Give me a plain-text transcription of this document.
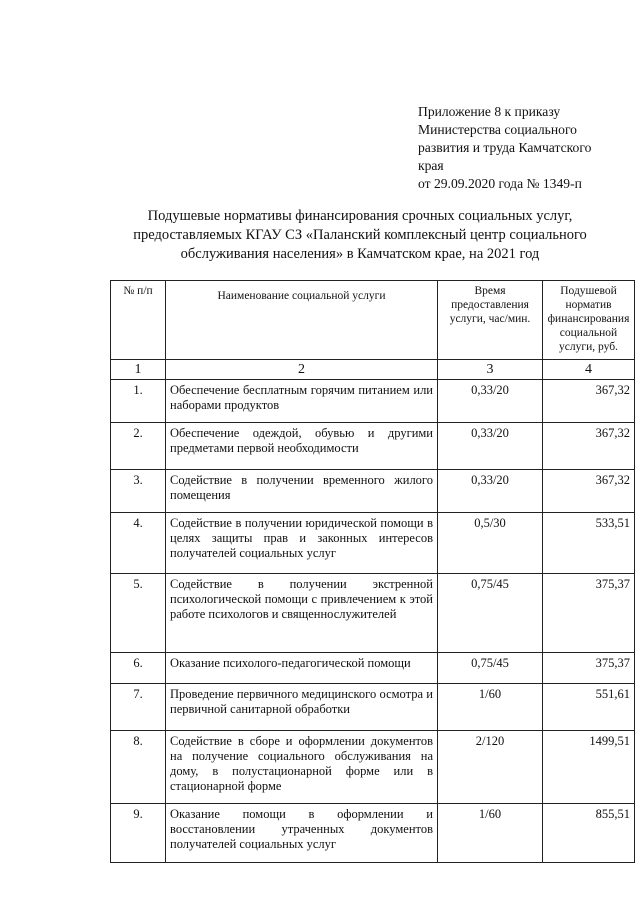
Приложение 8 к приказу
Министерства социального
развития и труда Камчатского
края
от 29.09.2020 года № 1349-п
Подушевые нормативы финансирования срочных социальных услуг,
предоставляемых КГАУ СЗ «Паланский комплексный центр социального
обслуживания населения» в Камчатском крае, на 2021 год
№ п/п	Наименование социальной услуги	Время предоставления услуги, час/мин.	Подушевой норматив финансирования социальной услуги, руб.
1	2	3	4
1.	Обеспечение бесплатным горячим питанием или наборами продуктов	0,33/20	367,32
2.	Обеспечение одеждой, обувью и другими предметами первой необходимости	0,33/20	367,32
3.	Содействие в получении временного жилого помещения	0,33/20	367,32
4.	Содействие в получении юридической помощи в целях защиты прав и законных интересов получателей социальных услуг	0,5/30	533,51
5.	Содействие в получении экстренной психологической помощи с привлечением к этой работе психологов и священнослужителей	0,75/45	375,37
6.	Оказание психолого-педагогической помощи	0,75/45	375,37
7.	Проведение первичного медицинского осмотра и первичной санитарной обработки	1/60	551,61
8.	Содействие в сборе и оформлении документов на получение социального обслуживания на дому, в полустационарной форме или в стационарной форме	2/120	1499,51
9.	Оказание помощи в оформлении и восстановлении утраченных документов получателей социальных услуг	1/60	855,51
